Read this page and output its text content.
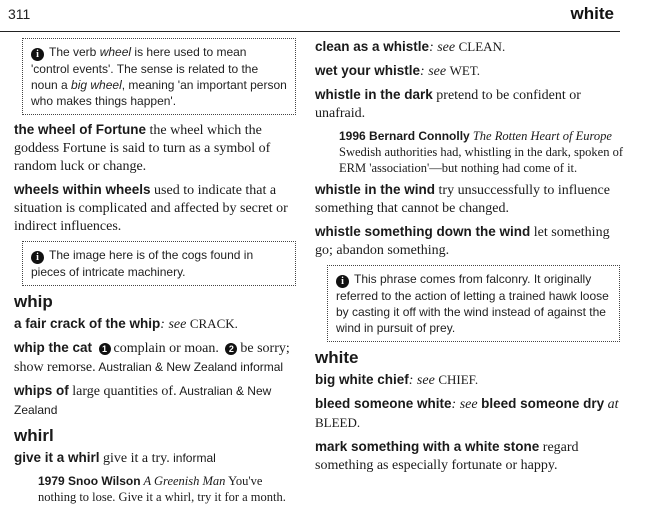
311	white
i The verb wheel is here used to mean 'control events'. The sense is related to the noun a big wheel, meaning 'an important person who makes things happen'.
the wheel of Fortune the wheel which the goddess Fortune is said to turn as a symbol of random luck or change.
wheels within wheels used to indicate that a situation is complicated and affected by secret or indirect influences.
i The image here is of the cogs found in pieces of intricate machinery.
whip
a fair crack of the whip: see CRACK.
whip the cat 1 complain or moan. 2 be sorry; show remorse. Australian & New Zealand informal
whips of large quantities of. Australian & New Zealand
whirl
give it a whirl give it a try. informal
1979 Snoo Wilson A Greenish Man You've nothing to lose. Give it a whirl, try it for a month.
clean as a whistle: see CLEAN.
wet your whistle: see WET.
whistle in the dark pretend to be confident or unafraid.
1996 Bernard Connolly The Rotten Heart of Europe Swedish authorities had, whistling in the dark, spoken of ERM 'association'—but nothing had come of it.
whistle in the wind try unsuccessfully to influence something that cannot be changed.
whistle something down the wind let something go; abandon something.
i This phrase comes from falconry. It originally referred to the action of letting a trained hawk loose by casting it off with the wind instead of against the wind in pursuit of prey.
white
big white chief: see CHIEF.
bleed someone white: see bleed someone dry at BLEED.
mark something with a white stone regard something as especially fortunate or happy.
